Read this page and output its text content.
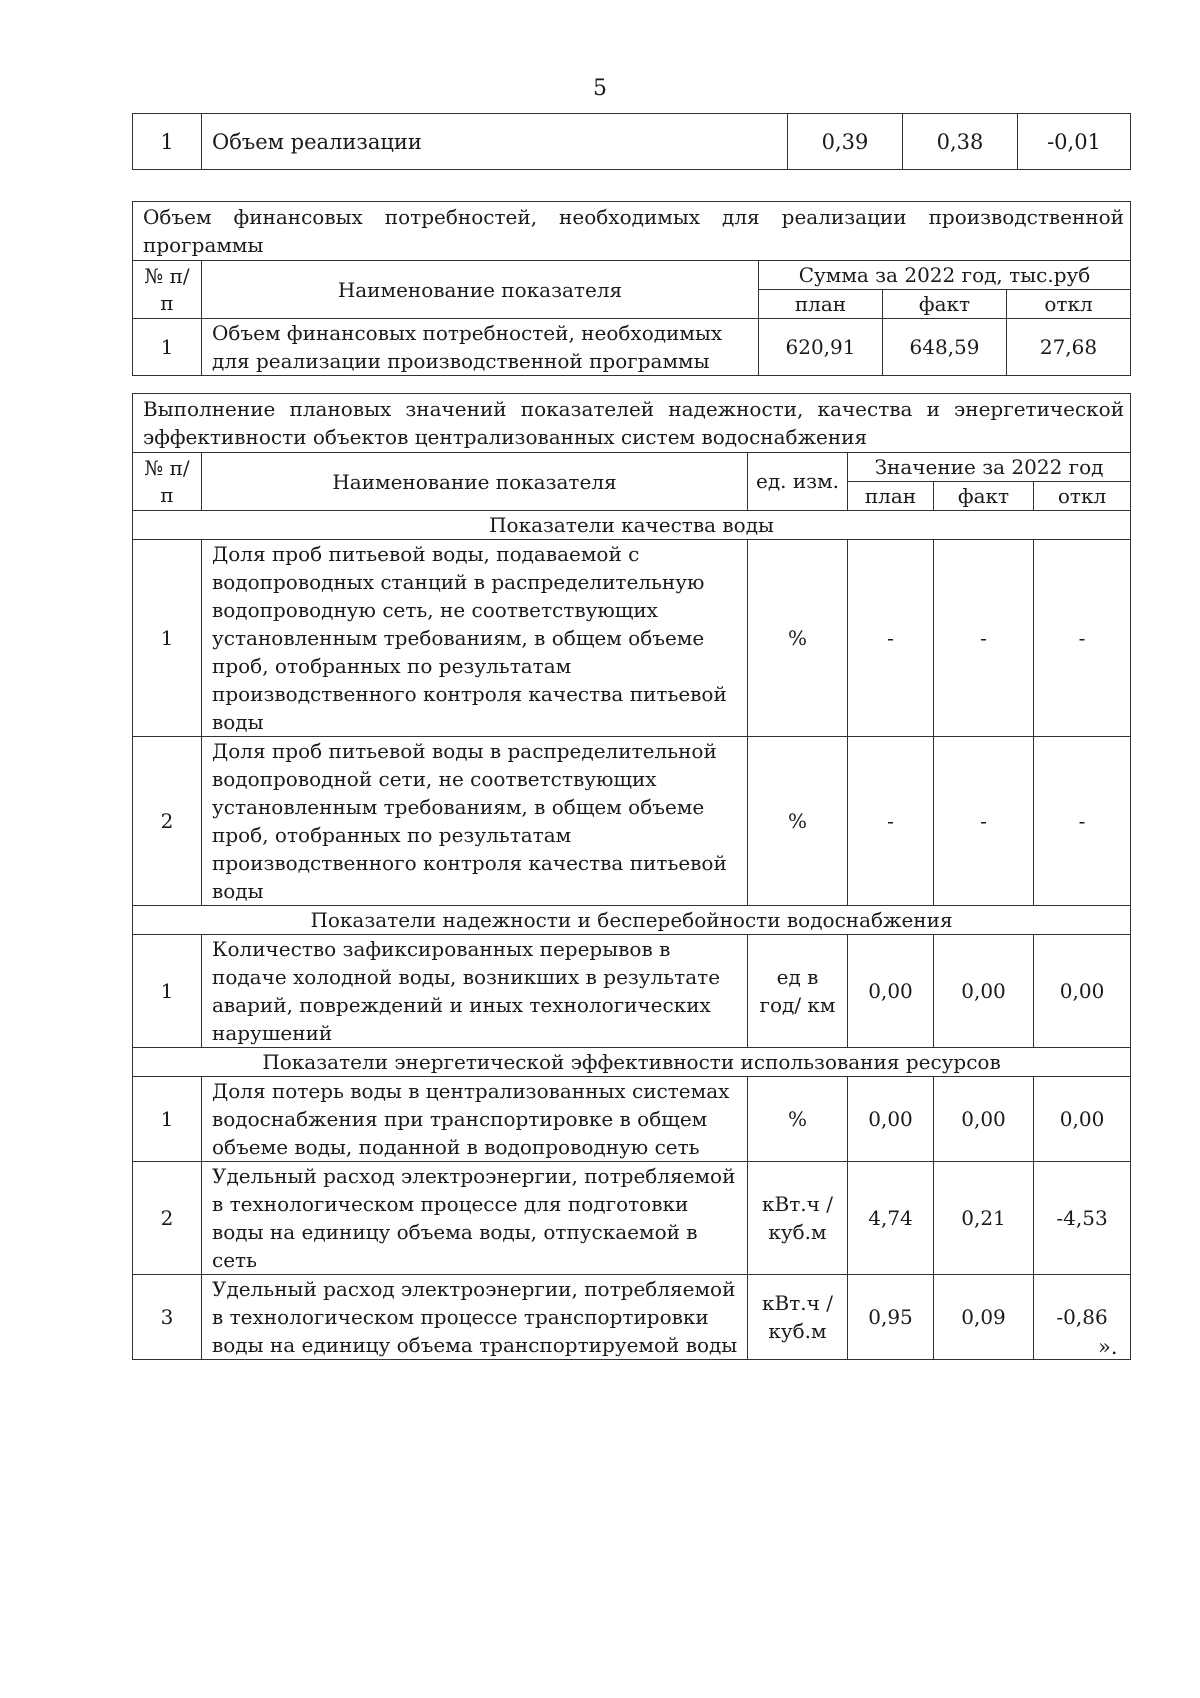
5
1	Объем реализации	0,39	0,38	-0,01
Объем финансовых потребностей, необходимых для реализации производственной
программы				

№ п/п	Наименование показателя	Сумма за 2022 год, тыс.руб		
		план	факт	откл
1	Объем финансовых потребностей, необходимых для реализации производственной программы	620,91	648,59	27,68
Выполнение плановых значений показателей надежности, качества и энергетической
эффективности объектов централизованных систем водоснабжения					

№ п/п	Наименование показателя	ед. изм.	Значение за 2022 год		
			план	факт	откл
Показатели качества воды					
1	Доля проб питьевой воды, подаваемой с водопроводных станций в распределительную водопроводную сеть, не соответствующих установленным требованиям, в общем объеме проб, отобранных по результатам производственного контроля качества питьевой воды	%	-	-	-
2	Доля проб питьевой воды в распределительной водопроводной сети, не соответствующих установленным требованиям, в общем объеме проб, отобранных по результатам производственного контроля качества питьевой воды	%	-	-	-
Показатели надежности и бесперебойности водоснабжения					
1	Количество зафиксированных перерывов в подаче холодной воды, возникших в результате аварий, повреждений и иных технологических нарушений	ед в год/ км	0,00	0,00	0,00
Показатели энергетической эффективности использования ресурсов					
1	Доля потерь воды в централизованных системах водоснабжения при транспортировке в общем объеме воды, поданной в водопроводную сеть	%	0,00	0,00	0,00
2	Удельный расход электроэнергии, потребляемой в технологическом процессе для подготовки воды на единицу объема воды, отпускаемой в сеть	кВт.ч / куб.м	4,74	0,21	-4,53
3	Удельный расход электроэнергии, потребляемой в технологическом процессе транспортировки воды на единицу объема транспортируемой воды	кВт.ч / куб.м	0,95	0,09	-0,86
».
